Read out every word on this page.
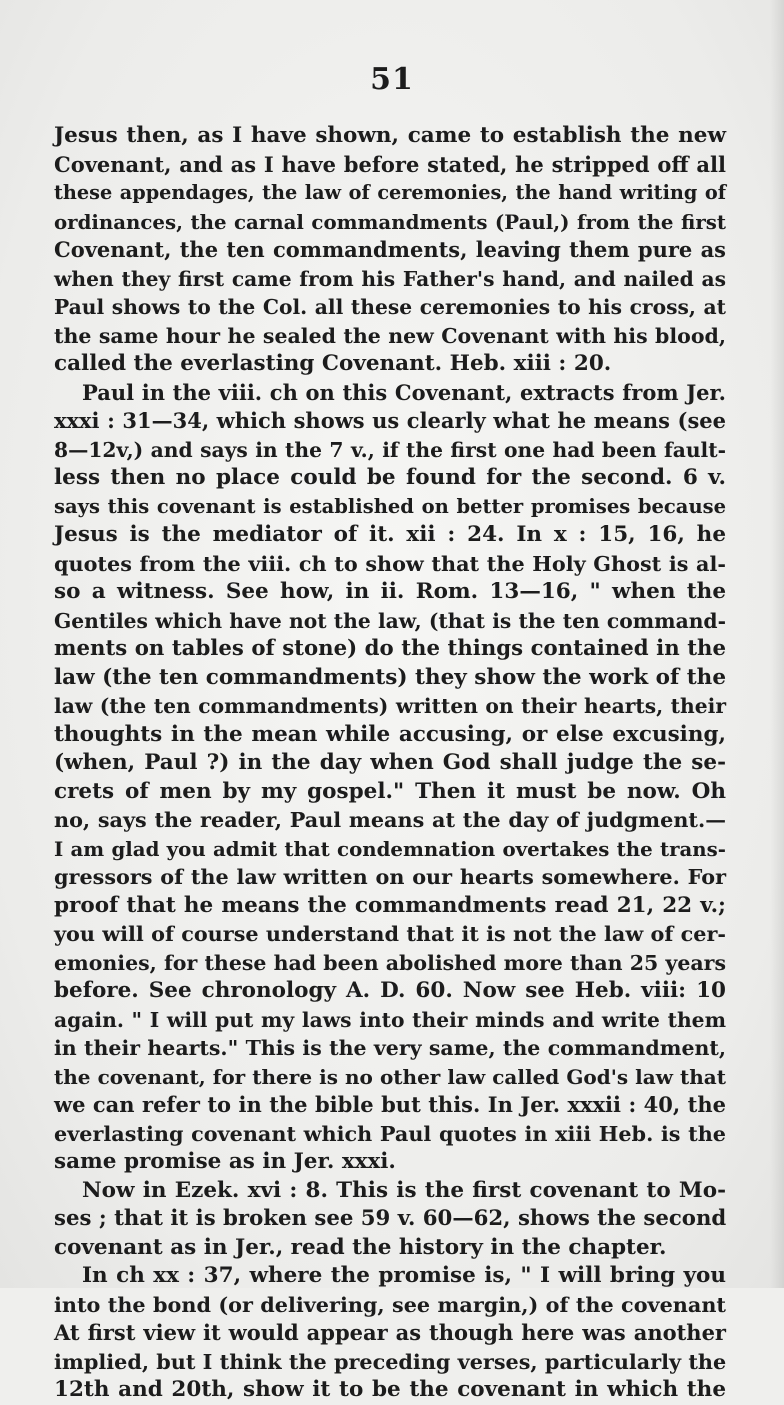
51
Jesus then, as I have shown, came to establish the new
Covenant, and as I have before stated, he stripped off all
these appendages, the law of ceremonies, the hand writing of
ordinances, the carnal commandments (Paul,) from the first
Covenant, the ten commandments, leaving them pure as
when they first came from his Father's hand, and nailed as
Paul shows to the Col. all these ceremonies to his cross, at
the same hour he sealed the new Covenant with his blood,
called the everlasting Covenant. Heb. xiii : 20.
Paul in the viii. ch on this Covenant, extracts from Jer.
xxxi : 31—34, which shows us clearly what he means (see
8—12v,) and says in the 7 v., if the first one had been fault-
less then no place could be found for the second. 6 v.
says this covenant is established on better promises because
Jesus is the mediator of it. xii : 24. In x : 15, 16, he
quotes from the viii. ch to show that the Holy Ghost is al-
so a witness. See how, in ii. Rom. 13—16, " when the
Gentiles which have not the law, (that is the ten command-
ments on tables of stone) do the things contained in the
law (the ten commandments) they show the work of the
law (the ten commandments) written on their hearts, their
thoughts in the mean while accusing, or else excusing,
(when, Paul ?) in the day when God shall judge the se-
crets of men by my gospel." Then it must be now. Oh
no, says the reader, Paul means at the day of judgment.—
I am glad you admit that condemnation overtakes the trans-
gressors of the law written on our hearts somewhere. For
proof that he means the commandments read 21, 22 v.;
you will of course understand that it is not the law of cer-
emonies, for these had been abolished more than 25 years
before. See chronology A. D. 60. Now see Heb. viii: 10
again. " I will put my laws into their minds and write them
in their hearts." This is the very same, the commandment,
the covenant, for there is no other law called God's law that
we can refer to in the bible but this. In Jer. xxxii : 40, the
everlasting covenant which Paul quotes in xiii Heb. is the
same promise as in Jer. xxxi.
Now in Ezek. xvi : 8. This is the first covenant to Mo-
ses ; that it is broken see 59 v. 60—62, shows the second
covenant as in Jer., read the history in the chapter.
In ch xx : 37, where the promise is, " I will bring you
into the bond (or delivering, see margin,) of the covenant
At first view it would appear as though here was another
implied, but I think the preceding verses, particularly the
12th and 20th, show it to be the covenant in which the
